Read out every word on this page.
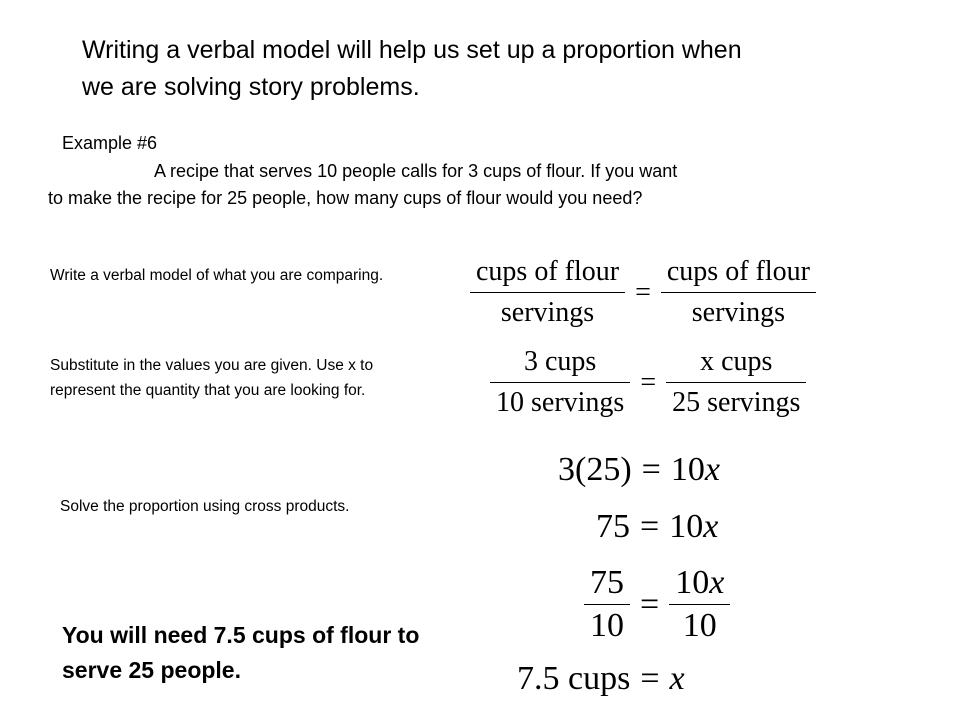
Writing a verbal model will help us set up a proportion when
we are solving story problems.
Example #6
A recipe that serves 10 people calls for 3 cups of flour. If you want
to make the recipe for 25 people, how many cups of flour would you need?
Write a verbal model of what you are comparing.
Substitute in the values you are given. Use x to represent the quantity that you are looking for.
Solve the proportion using cross products.
You will need 7.5 cups of flour to serve 25 people.
$\frac{\text{cups of flour}}{\text{servings}} = \frac{\text{cups of flour}}{\text{servings}}$
$\frac{\text{3 cups}}{\text{10 servings}} = \frac{\text{x cups}}{\text{25 servings}}$
3(25) = 10 x
75 = 10 x
$\frac{75}{10} = \frac{10x}{10}$
7.5 cups = x
